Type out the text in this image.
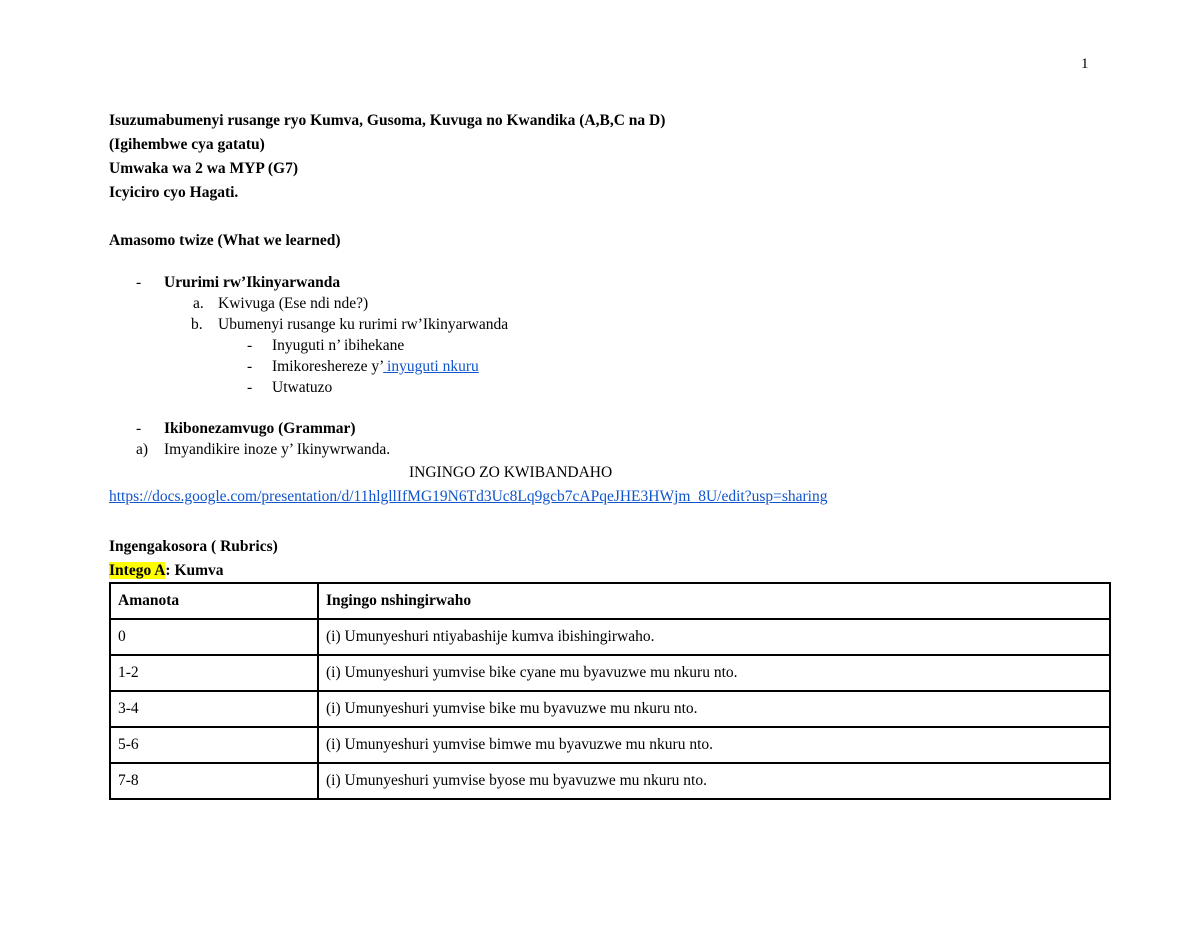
1
Isuzumabumenyi rusange ryo Kumva, Gusoma, Kuvuga no Kwandika (A,B,C na D)
(Igihembwe cya gatatu)
Umwaka wa 2 wa MYP (G7)
Icyiciro cyo Hagati.
Amasomo twize (What we learned)
- Ururimi rw’Ikinyarwanda
a. Kwivuga (Ese ndi nde?)
b. Ubumenyi rusange ku rurimi rw’Ikinyarwanda
- Inyuguti n’ ibihekane
- Imikoreshereze y’ inyuguti nkuru
- Utwatuzo
- Ikibonezamvugo (Grammar)
a) Imyandikire inoze y’ Ikinywrwanda.
INGINGO ZO KWIBANDAHO
https://docs.google.com/presentation/d/11hlgllIfMG19N6Td3Uc8Lq9gcb7cAPqeJHE3HWjm_8U/edit?usp=sharing
Ingengakosora ( Rubrics)
Intego A: Kumva
Amanota	Ingingo nshingirwaho
0	(i) Umunyeshuri ntiyabashije kumva ibishingirwaho.
1-2	(i) Umunyeshuri yumvise bike cyane mu byavuzwe mu nkuru nto.
3-4	(i) Umunyeshuri yumvise bike mu byavuzwe mu nkuru nto.
5-6	(i) Umunyeshuri yumvise bimwe mu byavuzwe mu nkuru nto.
7-8	(i) Umunyeshuri yumvise byose mu byavuzwe mu nkuru nto.
